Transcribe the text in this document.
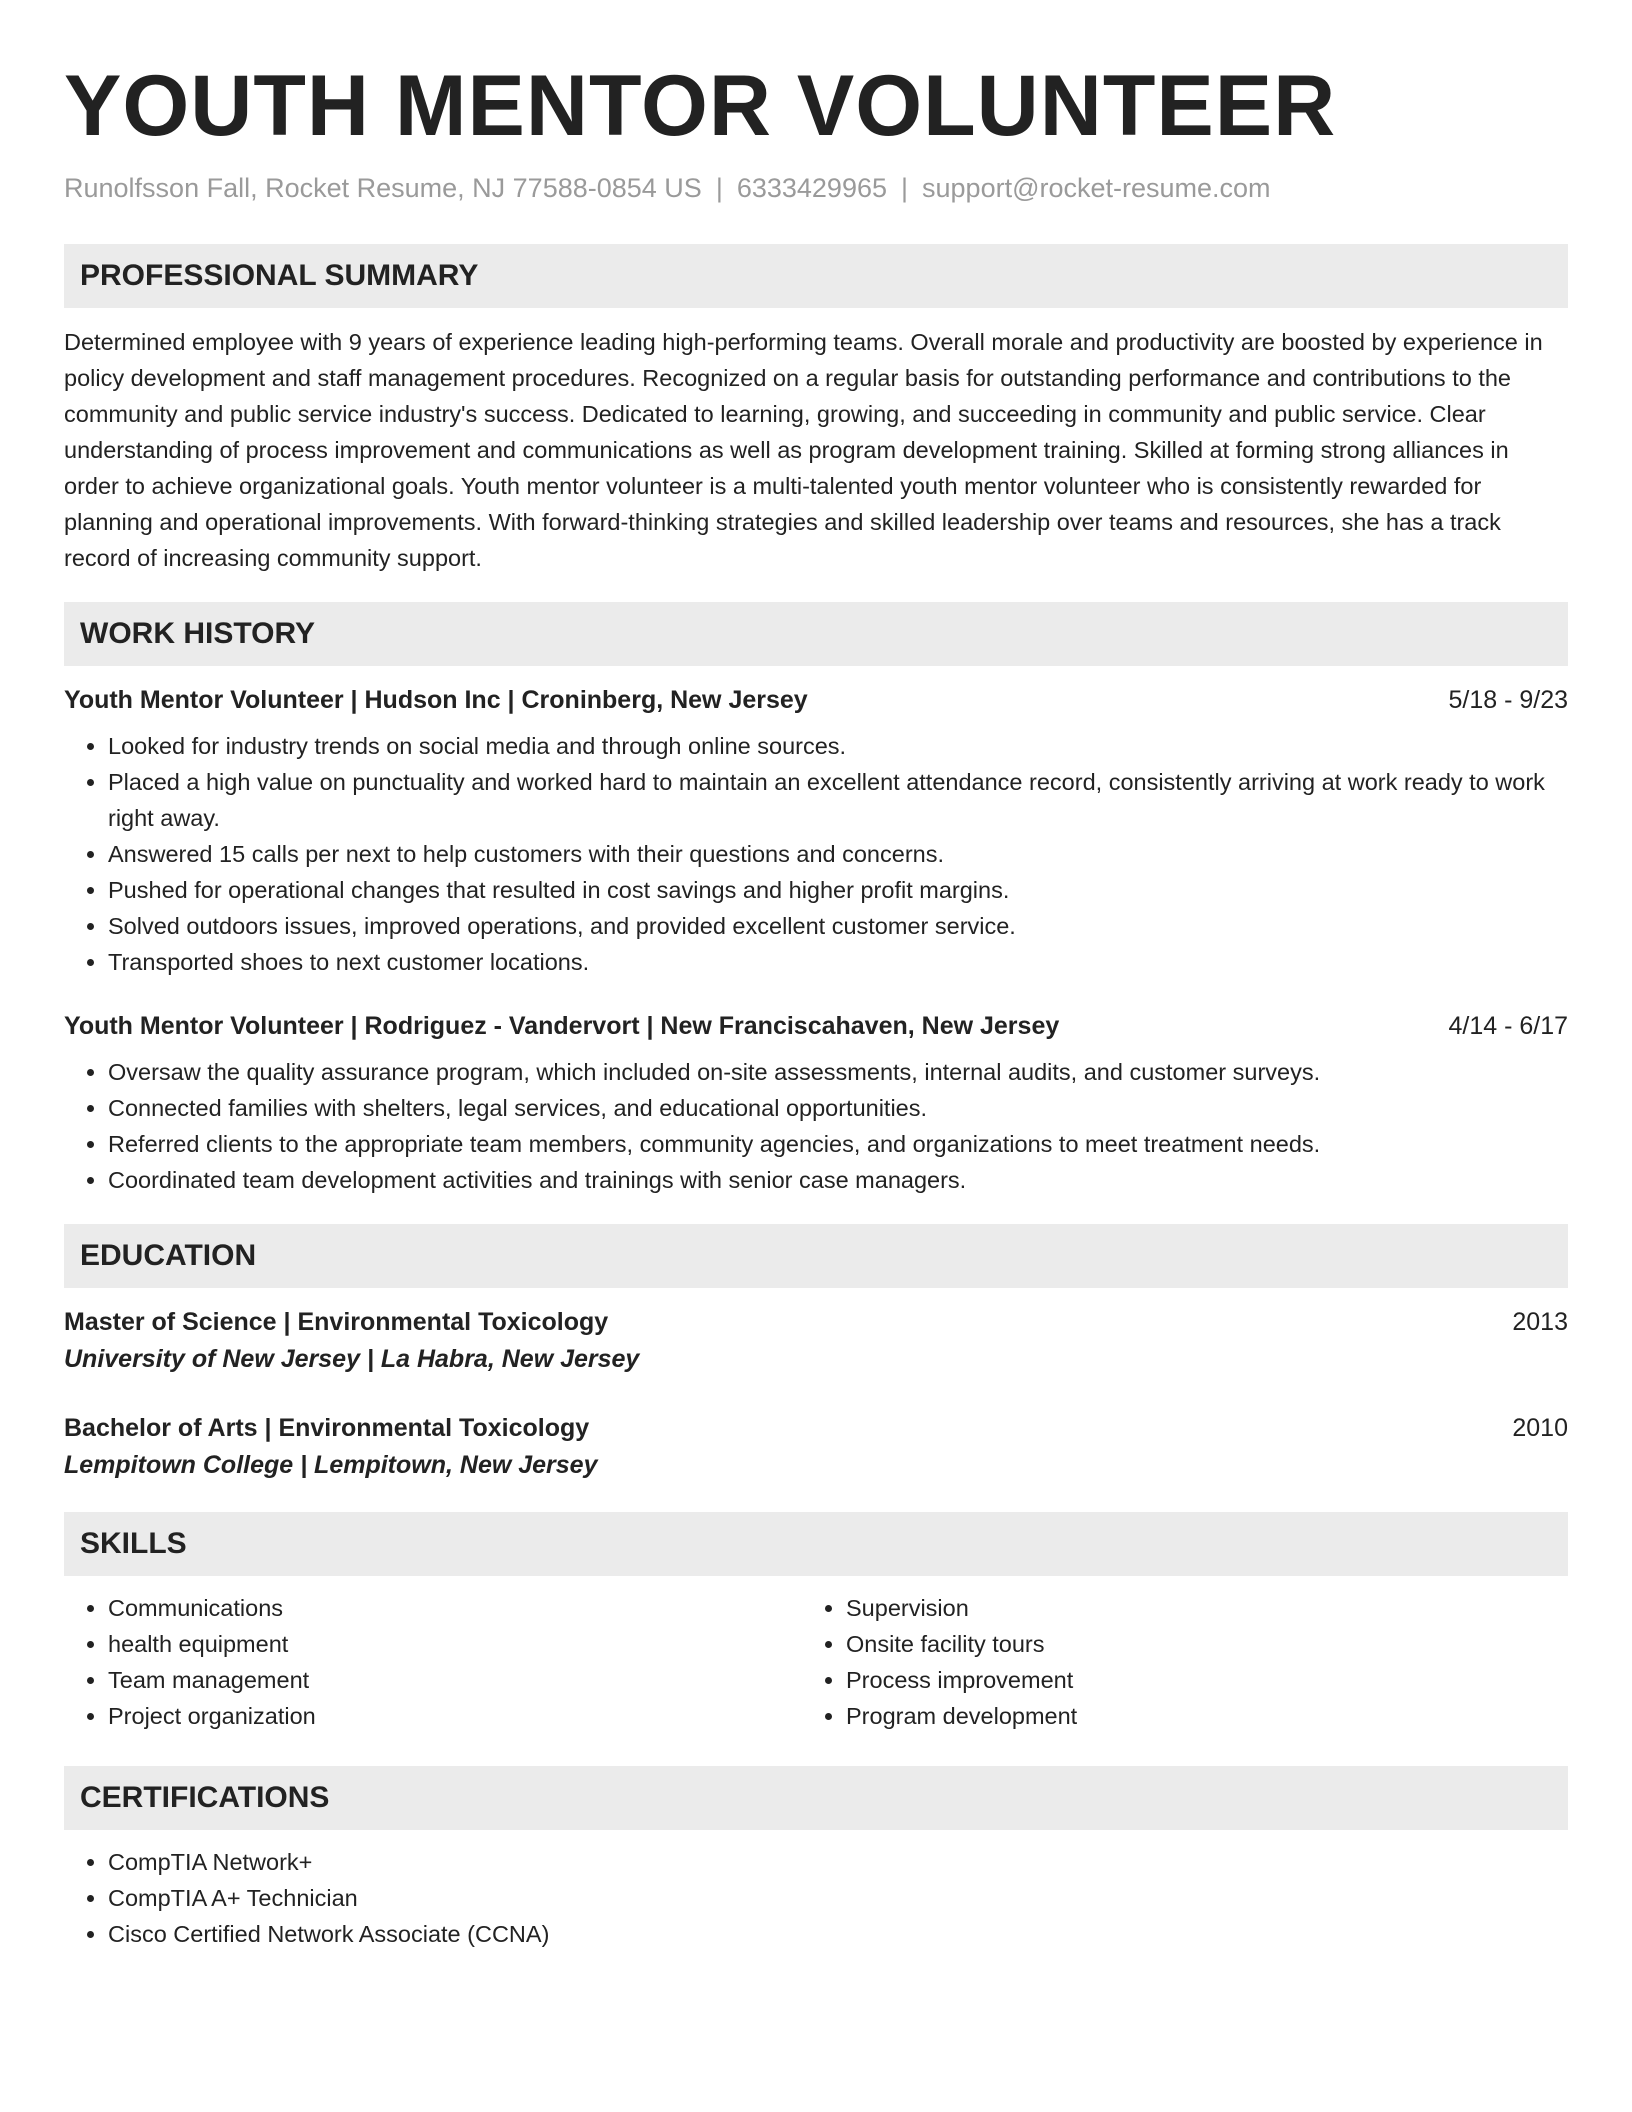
YOUTH MENTOR VOLUNTEER
Runolfsson Fall, Rocket Resume, NJ 77588-0854 US | 6333429965 | support@rocket-resume.com
PROFESSIONAL SUMMARY

Determined employee with 9 years of experience leading high-performing teams. Overall morale and productivity are boosted by experience in policy development and staff management procedures. Recognized on a regular basis for outstanding performance and contributions to the community and public service industry's success. Dedicated to learning, growing, and succeeding in community and public service. Clear understanding of process improvement and communications as well as program development training. Skilled at forming strong alliances in order to achieve organizational goals. Youth mentor volunteer is a multi-talented youth mentor volunteer who is consistently rewarded for planning and operational improvements. With forward-thinking strategies and skilled leadership over teams and resources, she has a track record of increasing community support.

WORK HISTORY
Youth Mentor Volunteer | Hudson Inc | Croninberg, New Jersey	5/18 - 9/23
• Looked for industry trends on social media and through online sources.
• Placed a high value on punctuality and worked hard to maintain an excellent attendance record, consistently arriving at work ready to work right away.
• Answered 15 calls per next to help customers with their questions and concerns.
• Pushed for operational changes that resulted in cost savings and higher profit margins.
• Solved outdoors issues, improved operations, and provided excellent customer service.
• Transported shoes to next customer locations.
Youth Mentor Volunteer | Rodriguez - Vandervort | New Franciscahaven, New Jersey	4/14 - 6/17
• Oversaw the quality assurance program, which included on-site assessments, internal audits, and customer surveys.
• Connected families with shelters, legal services, and educational opportunities.
• Referred clients to the appropriate team members, community agencies, and organizations to meet treatment needs.
• Coordinated team development activities and trainings with senior case managers.
EDUCATION
Master of Science | Environmental Toxicology	2013
University of New Jersey | La Habra, New Jersey
Bachelor of Arts | Environmental Toxicology	2010
Lempitown College | Lempitown, New Jersey
SKILLS
• Communications
• health equipment
• Team management
• Project organization
• Supervision
• Onsite facility tours
• Process improvement
• Program development
CERTIFICATIONS
• CompTIA Network+
• CompTIA A+ Technician
• Cisco Certified Network Associate (CCNA)
